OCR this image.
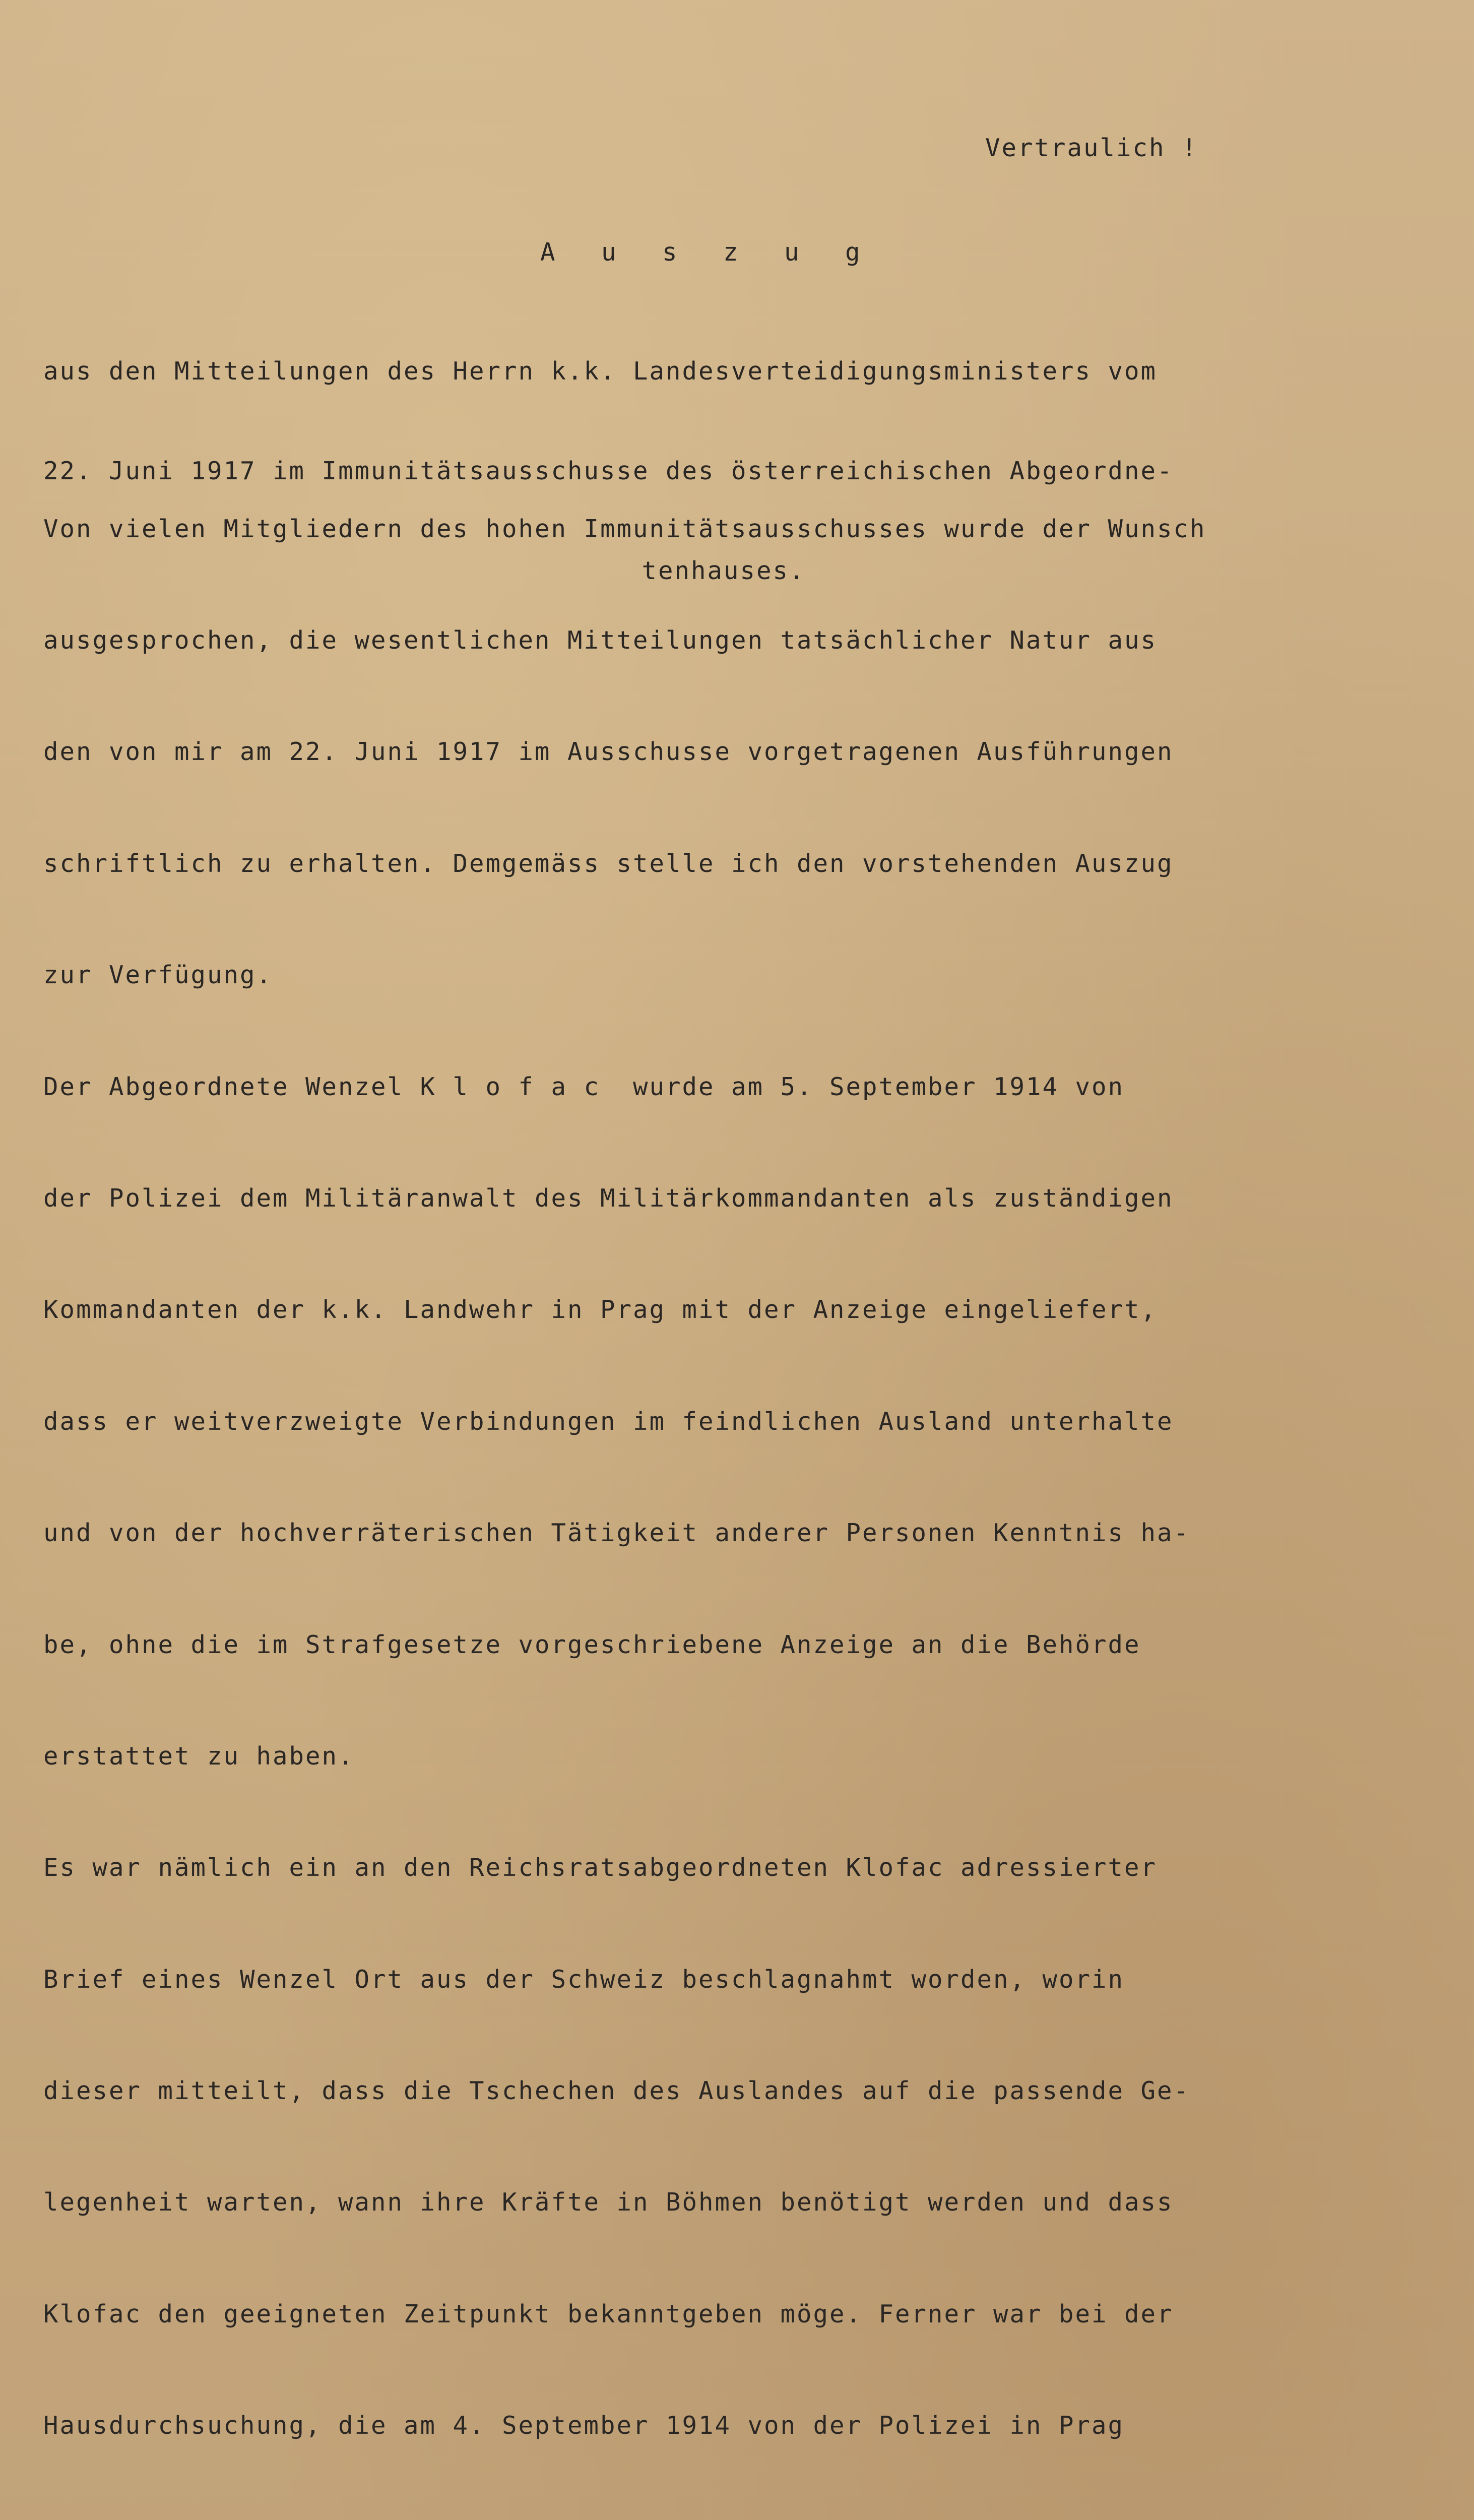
Vertraulich !
A u s z u g

aus den Mitteilungen des Herrn k.k. Landesverteidigungsministers vom

22. Juni 1917 im Immunitätsausschusse des österreichischen Abgeordne-

tenhauses.

Von vielen Mitgliedern des hohen Immunitätsausschusses wurde der Wunsch

ausgesprochen, die wesentlichen Mitteilungen tatsächlicher Natur aus

den von mir am 22. Juni 1917 im Ausschusse vorgetragenen Ausführungen

schriftlich zu erhalten. Demgemäss stelle ich den vorstehenden Auszug

zur Verfügung.

Der Abgeordnete Wenzel K l o f a c  wurde am 5. September 1914 von

der Polizei dem Militäranwalt des Militärkommandanten als zuständigen

Kommandanten der k.k. Landwehr in Prag mit der Anzeige eingeliefert,

dass er weitverzweigte Verbindungen im feindlichen Ausland unterhalte

und von der hochverräterischen Tätigkeit anderer Personen Kenntnis ha-

be, ohne die im Strafgesetze vorgeschriebene Anzeige an die Behörde

erstattet zu haben.

Es war nämlich ein an den Reichsratsabgeordneten Klofac adressierter

Brief eines Wenzel Ort aus der Schweiz beschlagnahmt worden, worin

dieser mitteilt, dass die Tschechen des Auslandes auf die passende Ge-

legenheit warten, wann ihre Kräfte in Böhmen benötigt werden und dass

Klofac den geeigneten Zeitpunkt bekanntgeben möge. Ferner war bei der

Hausdurchsuchung, die am 4. September 1914 von der Polizei in Prag
